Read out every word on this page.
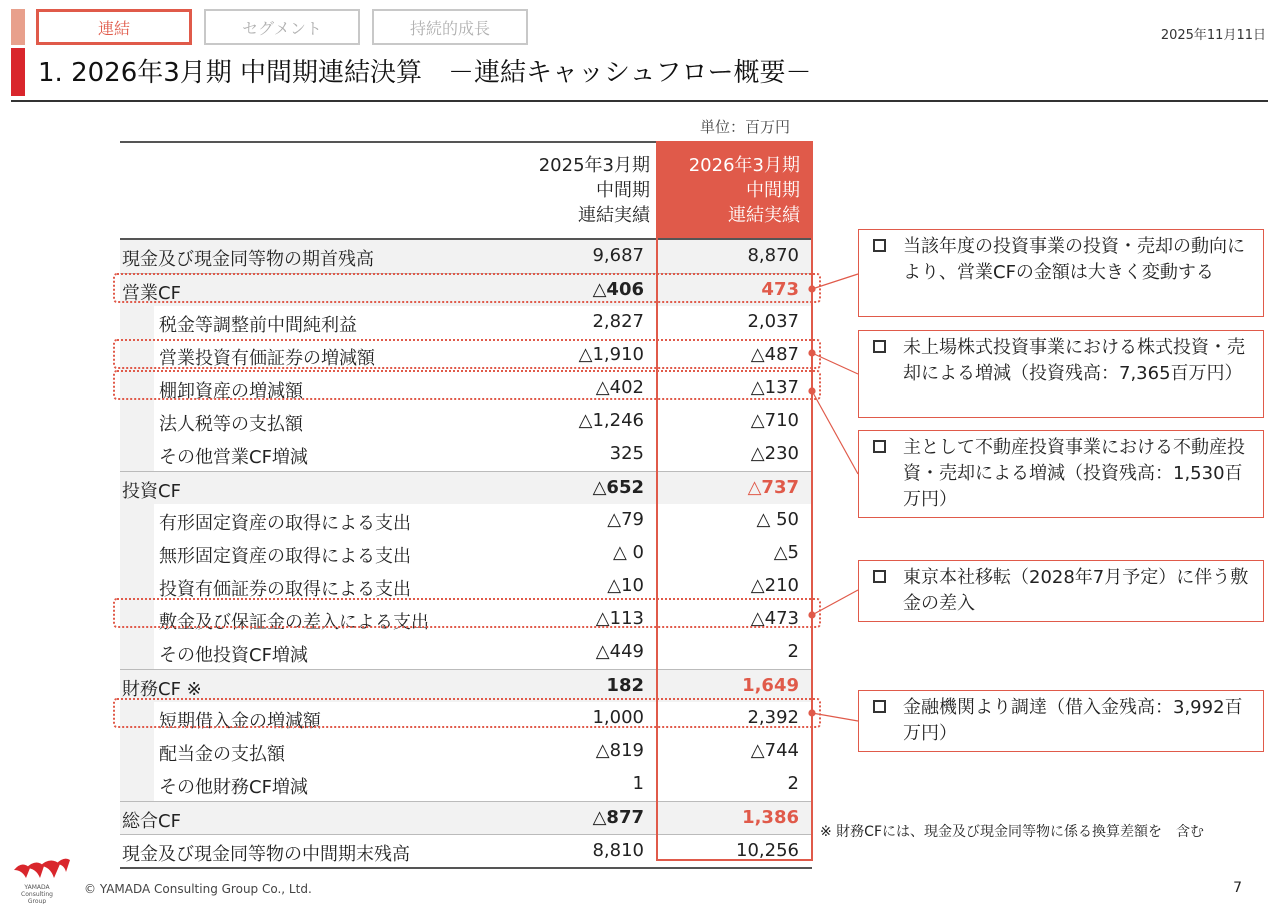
連結	セグメント	持続的成長	2025年11月11日
1. 2026年3月期 中間期連結決算　－連結キャッシュフロー概要－
単位：百万円
2025年3月期
中間期
連結実績
2026年3月期
中間期
連結実績
現金及び現金同等物の期首残高	9,687	8,870
営業CF	△406	473
税金等調整前中間純利益	2,827	2,037
営業投資有価証券の増減額	△1,910	△487
棚卸資産の増減額	△402	△137
法人税等の支払額	△1,246	△710
その他営業CF増減	325	△230
投資CF	△652	△737
有形固定資産の取得による支出	△79	△ 50
無形固定資産の取得による支出	△ 0	△5
投資有価証券の取得による支出	△10	△210
敷金及び保証金の差入による支出	△113	△473
その他投資CF増減	△449	2
財務CF ※	182	1,649
短期借入金の増減額	1,000	2,392
配当金の支払額	△819	△744
その他財務CF増減	1	2
総合CF	△877	1,386
現金及び現金同等物の中間期末残高	8,810	10,256
当該年度の投資事業の投資・売却の動向により、営業CFの金額は大きく変動する
未上場株式投資事業における株式投資・売却による増減（投資残高：7,365百万円）
主として不動産投資事業における不動産投資・売却による増減（投資残高：1,530百万円）
東京本社移転（2028年7月予定）に伴う敷金の差入
金融機関より調達（借入金残高：3,992百万円）
※ 財務CFには、現金及び現金同等物に係る換算差額を　含む
YAMADA Consulting Group
© YAMADA Consulting Group Co., Ltd.	7
